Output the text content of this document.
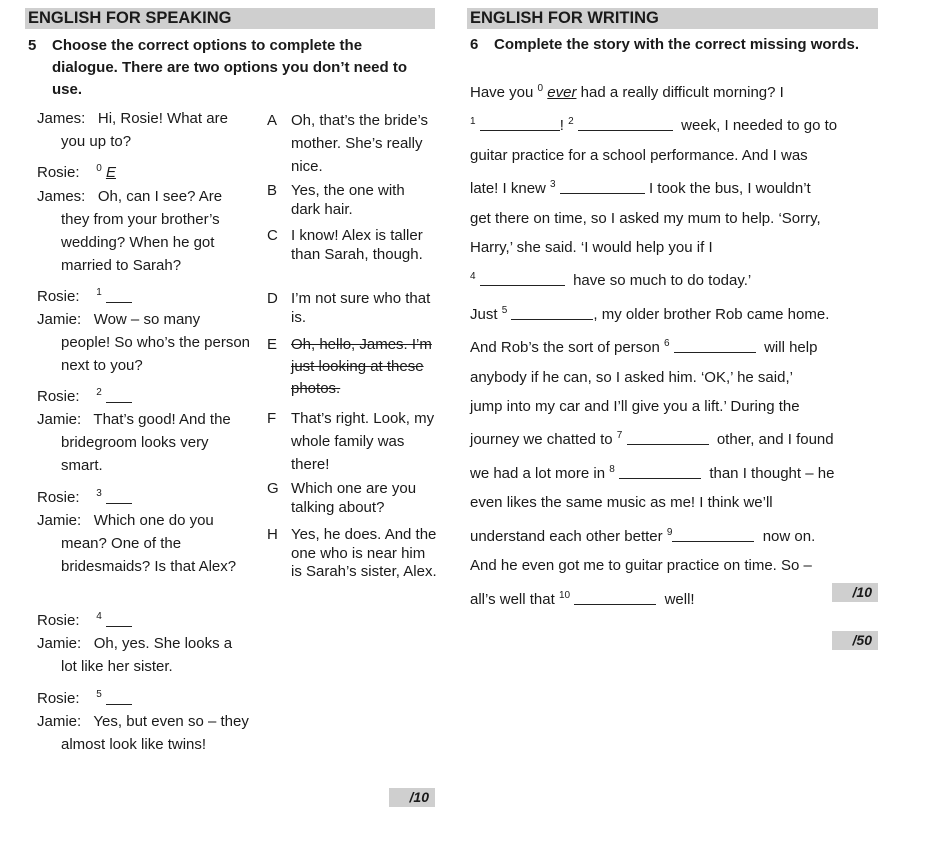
ENGLISH FOR SPEAKING	ENGLISH FOR WRITING
5 Choose the correct options to complete the dialogue. There are two options you don’t need to use.
James: Hi, Rosie! What are you up to?
Rosie: $^0$ E
James: Oh, can I see? Are they from your brother’s wedding? When he got married to Sarah?
Rosie: $^1$
Jamie: Wow – so many people! So who’s the person next to you?
Rosie: $^2$
Jamie: That’s good! And the bridegroom looks very smart.
Rosie: $^3$
Jamie: Which one do you mean? One of the bridesmaids? Is that Alex?
Rosie: $^4$
Jamie: Oh, yes. She looks a lot like her sister.
Rosie: $^5$
Jamie: Yes, but even so – they almost look like twins!
A Oh, that’s the bride’s mother. She’s really nice.
B Yes, the one with dark hair.
C I know! Alex is taller than Sarah, though.
D I’m not sure who that is.
E Oh, hello, James. I’m just looking at these photos.
F That’s right. Look, my whole family was there!
G Which one are you talking about?
H Yes, he does. And the one who is near him is Sarah’s sister, Alex.
/10
6 Complete the story with the correct missing words.
Have you $^0$ ever had a really difficult morning? I
$^1$	! $^2$	week, I needed to go to
guitar practice for a school performance. And I was
late! I knew $^3$	I took the bus, I wouldn’t
get there on time, so I asked my mum to help. ‘Sorry,
Harry,’ she said. ‘I would help you if I
$^4$	have so much to do today.’
Just $^5$	, my older brother Rob came home.
And Rob’s the sort of person $^6$	will help
anybody if he can, so I asked him. ‘OK,’ he said,’
jump into my car and I’ll give you a lift.’ During the
journey we chatted to $^7$	other, and I found
we had a lot more in $^8$	than I thought – he
even likes the same music as me! I think we’ll
understand each other better $^9$	now on.
And he even got me to guitar practice on time. So –
all’s well that $^{10}$	well!	/10
/50
